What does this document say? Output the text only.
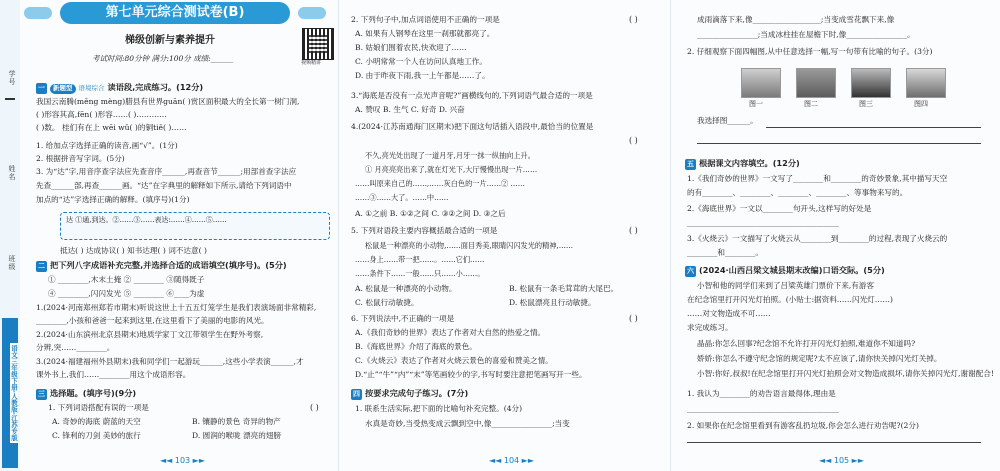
学号
姓名
班级
语文三年级下册·人教版·江苏专版
第七单元综合测试卷(B)
梯级创新与素养提升
考试时间:80分钟 满分:100分 成绩:______	视频精讲
一 新题型 语境综合 读语段,完成练习。(12分)
我国云南腾(měng mèng)腊县有世界guān( )赏区面积最大的全长第一树门洞,
( )形容其高,fēn( )形容……( )…………
( )数。 桂们有在上 wēi wǔ( )的铜tiě( )……
1. 给加点字选择正确的读音,画“√”。(1分)
2. 根据拼音写字词。(5分)
3. 为“达”字,用音序查字法应先查音序______,再查音节______;用部首查字法应
先查______部,再查______画。“达”在字典里的解释如下所示,请给下列词语中
加点的“达”字选择正确的解释。(填序号)(1分)
达 ①通,到达。②……③……表达:……④……⑤……
抵达( ) 达成协议( ) 知书达理( ) 词不达意( )
二 把下列八字成语补充完整,并选择合适的成语填空(填序号)。(5分)
① ________,木末土掩 ② ________ ③随得既子
④ ________,闪闪发光 ⑤ ________ ⑥____为虚
1.(2024·河南郑州郑若市期末)听说这世上十五五灯笼学生是我们表演场面非常精彩,
________,小孩和爸爸一起来到这里,在这里看下了美丽的电影的风光。
2.(2024·山东滨州北京县期末)地质学家丁文江带领学生在野外考察,
分辨,突……________。
3.(2024·福建福州外县期末)我和同学们一起游玩______,这些小学表演______,才
课外书上,我们……________用这个成语形容。
三 选择题。(填序号)(9分)
1. 下列词语搭配有误的一项是	( )
A. 奇妙的海底 蔚蓝的天空	B. 镶静的景色 奇异的物产
C. 锋利的刀剑 美妙的旅行	D. 圆润的喉咙 漂亮的翅膀
◄◄ 103 ►►
2. 下列句子中,加点词语使用不正确的一项是	( )
A. 如果有人钢琴在这里一刹那就都亮了。
B. 姑娘们围着农民,快欢迎了……
C. 小明常常一个人在访问认真地工作。
D. 由于昨夜下雨,我一上午都是……了。
3.“海底是否没有一点光声音呢?”画横线句的,下列词语气最合适的一项是
A. 赞叹 B. 生气 C. 好奇 D. 兴奋
4.(2024·江苏南通海门区期末)把下面这句话插入语段中,最恰当的位置是
( )
不久,亮光处出现了一道月牙,月牙一抹一纵抽向上升。
① 月亮亮亮出来了,就在灯光下,大厅慢慢出现一片……
……叫原来自己的……,……灰白色的一片……② ……
……③……大了。……中……
A. ①之前 B. ①②之间 C. ③②之间 D. ③之后
5. 下列对语段主要内容概括最合适的一项是	( )
松鼠是一种漂亮的小动物,……面目秀美,眼睛闪闪发光的精神,……
……身上……带一把……。……它们……
……条件下……一般……只……小……。
A. 松鼠是一种漂亮的小动物。	B. 松鼠有一条毛茸茸的大尾巴。
C. 松鼠行动敏捷。	D. 松鼠漂亮且行动敏捷。
6. 下列说法中,不正确的一项是	( )
A.《我们奇妙的世界》表达了作者对大自然的热爱之情。
B.《海底世界》介绍了海底的景色。
C.《火烧云》表达了作者对火烧云景色的喜爱和赞美之情。
D.“止”“牛”“内”“末”等笔画较少的字,书写时要注意把笔画写开一些。
四 按要求完成句子练习。(7分)
1. 联系生活实际,把下面的比喻句补充完整。(4分)
水真是奇妙,当受热变成云飘到空中,像________________;当变
◄◄ 104 ►►
成雨滴落下来,像__________________;当变成雪花飘下来,像
________________;当成冰柱挂在屋檐下时,像________________。
2. 仔细观察下面四幅图,从中任意选择一幅,写一句带有比喻的句子。(3分)
图一	图二	图三	图四
我选择图______。
五 根据课文内容填空。(12分)
1.《我们奇妙的世界》一文写了________和________的奇妙景象,其中描写天空
的有________、________、________、________、等事物来写的。
2.《海底世界》一文以________句开头,这样写的好处是
________________________________________
3.《火烧云》一文描写了火烧云从________到________的过程,表现了火烧云的
________和________。
六 (2024·山西吕梁文城县期末改编)口语交际。(5分)
小智和他的同学们来到了吕梁英雄门票价下来,有游客
在纪念馆里打开闪光灯拍照。(小贴士:据资料……闪光灯……)
……对文物造成不可……
求完成练习。
晶晶:你怎么回事?纪念馆不允许打开闪光灯拍照,难道你不知道吗?
娇娇:你怎么不遵守纪念馆的规定呢?太不应该了,请你快关掉闪光灯关掉。
小智:你好,叔叔!在纪念馆里打开闪光灯拍照会对文物造成损坏,请你关掉闪光灯,谢谢配合!
1. 我认为________的劝告语言最得体,理由是
________________________________________
2. 如果你在纪念馆里看到有游客乱扔垃圾,你会怎么进行劝告呢?(2分)
◄◄ 105 ►►
